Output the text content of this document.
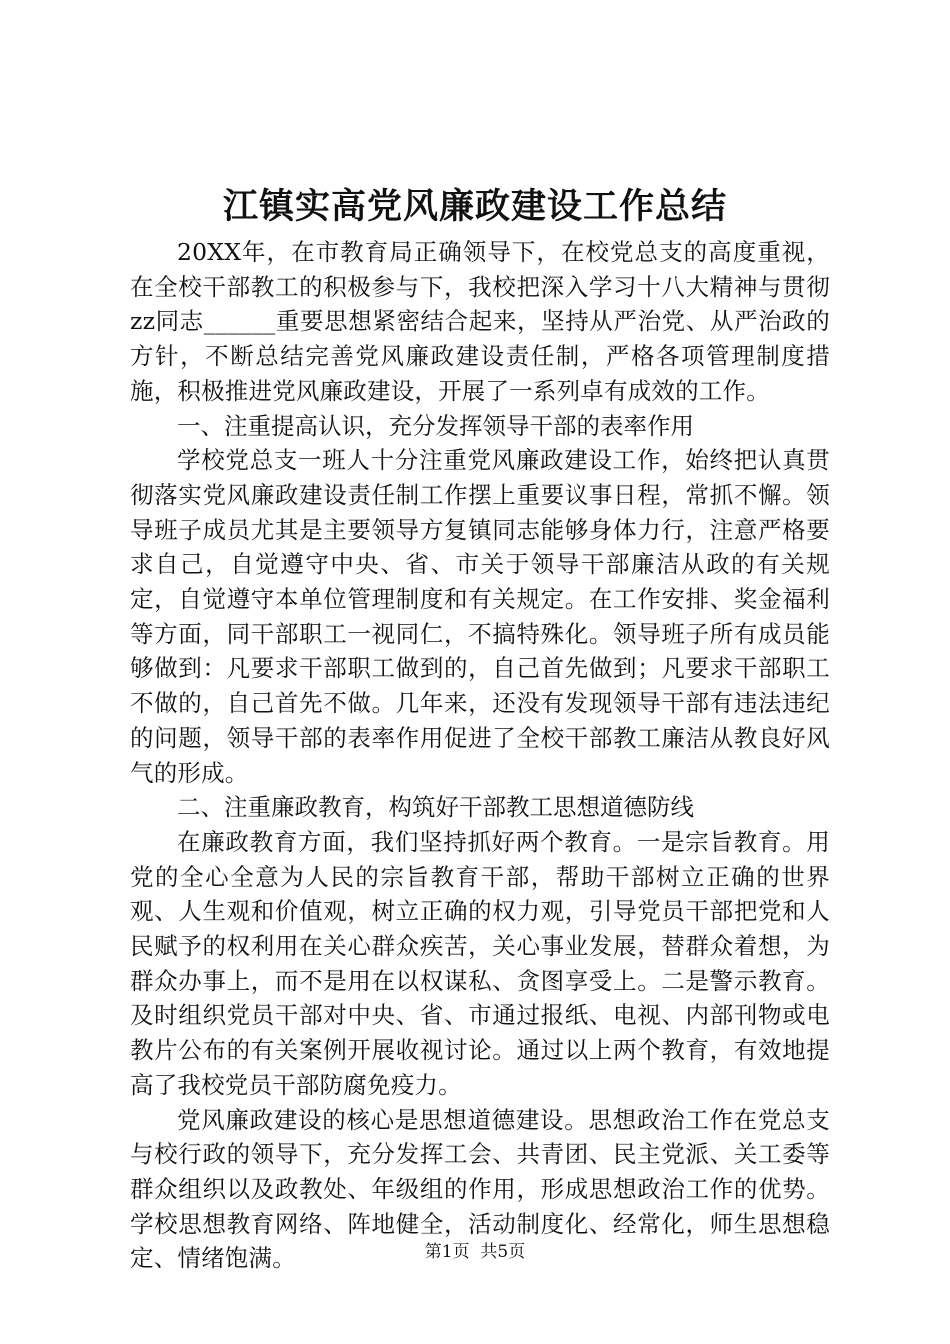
江镇实高党风廉政建设工作总结

20XX年，在市教育局正确领导下，在校党总支的高度重视，在全校干部教工的积极参与下，我校把深入学习十八大精神与贯彻zz同志______重要思想紧密结合起来，坚持从严治党、从严治政的方针，不断总结完善党风廉政建设责任制，严格各项管理制度措施，积极推进党风廉政建设，开展了一系列卓有成效的工作。

一、注重提高认识，充分发挥领导干部的表率作用

学校党总支一班人十分注重党风廉政建设工作，始终把认真贯彻落实党风廉政建设责任制工作摆上重要议事日程，常抓不懈。领导班子成员尤其是主要领导方复镇同志能够身体力行，注意严格要求自己，自觉遵守中央、省、市关于领导干部廉洁从政的有关规定，自觉遵守本单位管理制度和有关规定。在工作安排、奖金福利等方面，同干部职工一视同仁，不搞特殊化。领导班子所有成员能够做到：凡要求干部职工做到的，自己首先做到；凡要求干部职工不做的，自己首先不做。几年来，还没有发现领导干部有违法违纪的问题，领导干部的表率作用促进了全校干部教工廉洁从教良好风气的形成。

二、注重廉政教育，构筑好干部教工思想道德防线

在廉政教育方面，我们坚持抓好两个教育。一是宗旨教育。用党的全心全意为人民的宗旨教育干部，帮助干部树立正确的世界观、人生观和价值观，树立正确的权力观，引导党员干部把党和人民赋予的权利用在关心群众疾苦，关心事业发展，替群众着想，为群众办事上，而不是用在以权谋私、贪图享受上。二是警示教育。及时组织党员干部对中央、省、市通过报纸、电视、内部刊物或电教片公布的有关案例开展收视讨论。通过以上两个教育，有效地提高了我校党员干部防腐免疫力。

党风廉政建设的核心是思想道德建设。思想政治工作在党总支与校行政的领导下，充分发挥工会、共青团、民主党派、关工委等群众组织以及政教处、年级组的作用，形成思想政治工作的优势。学校思想教育网络、阵地健全，活动制度化、经常化，师生思想稳定、情绪饱满。	第1页 共5页
